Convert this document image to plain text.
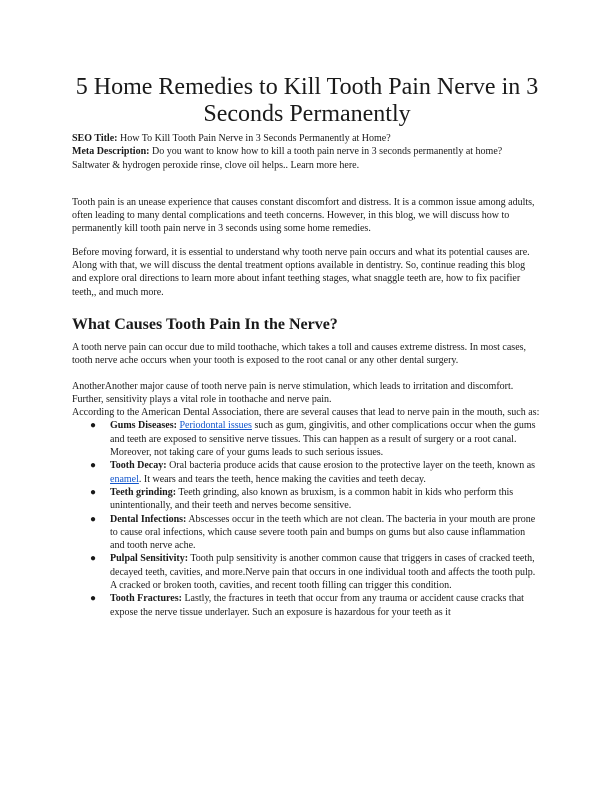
5 Home Remedies to Kill Tooth Pain Nerve in 3 Seconds Permanently

SEO Title: How To Kill Tooth Pain Nerve in 3 Seconds Permanently at Home?

Meta Description: Do you want to know how to kill a tooth pain nerve in 3 seconds permanently at home? Saltwater & hydrogen peroxide rinse, clove oil helps.. Learn more here.

Tooth pain is an unease experience that causes constant discomfort and distress. It is a common issue among adults, often leading to many dental complications and teeth concerns. However, in this blog, we will discuss how to permanently kill tooth pain nerve in 3 seconds using some home remedies.

Before moving forward, it is essential to understand why tooth nerve pain occurs and what its potential causes are. Along with that, we will discuss the dental treatment options available in dentistry. So, continue reading this blog and explore oral directions to learn more about infant teething stages, what snaggle teeth are, how to fix pacifier teeth,, and much more.

What Causes Tooth Pain In the Nerve?

A tooth nerve pain can occur due to mild toothache, which takes a toll and causes extreme distress. In most cases, tooth nerve ache occurs when your tooth is exposed to the root canal or any other dental surgery.

AnotherAnother major cause of tooth nerve pain is nerve stimulation, which leads to irritation and discomfort. Further, sensitivity plays a vital role in toothache and nerve pain.

According to the American Dental Association, there are several causes that lead to nerve pain in the mouth, such as:

● Gums Diseases: Periodontal issues such as gum, gingivitis, and other complications occur when the gums and teeth are exposed to sensitive nerve tissues. This can happen as a result of surgery or a root canal. Moreover, not taking care of your gums leads to such serious issues.
● Tooth Decay: Oral bacteria produce acids that cause erosion to the protective layer on the teeth, known as enamel. It wears and tears the teeth, hence making the cavities and teeth decay.
● Teeth grinding: Teeth grinding, also known as bruxism, is a common habit in kids who perform this unintentionally, and their teeth and nerves become sensitive.
● Dental Infections: Abscesses occur in the teeth which are not clean. The bacteria in your mouth are prone to cause oral infections, which cause severe tooth pain and bumps on gums but also cause inflammation and tooth nerve ache.
● Pulpal Sensitivity: Tooth pulp sensitivity is another common cause that triggers in cases of cracked teeth, decayed teeth, cavities, and more.Nerve pain that occurs in one individual tooth and affects the tooth pulp. A cracked or broken tooth, cavities, and recent tooth filling can trigger this condition.
● Tooth Fractures: Lastly, the fractures in teeth that occur from any trauma or accident cause cracks that expose the nerve tissue underlayer. Such an exposure is hazardous for your teeth as it
